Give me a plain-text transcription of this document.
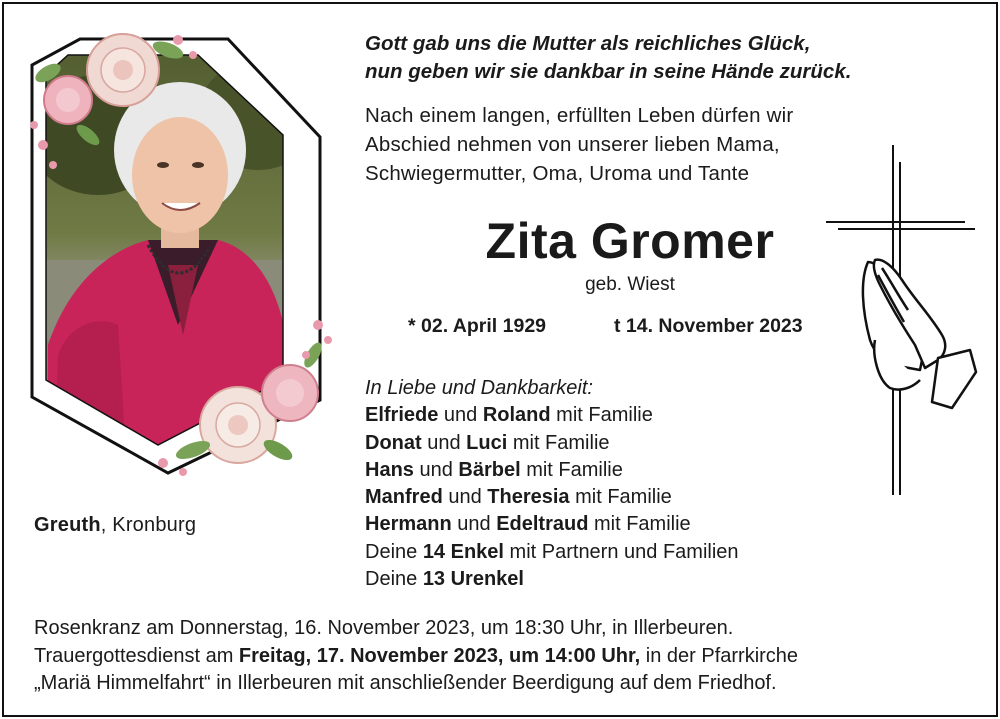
Greuth, Kronburg
Gott gab uns die Mutter als reichliches Glück,
nun geben wir sie dankbar in seine Hände zurück.
Nach einem langen, erfüllten Leben dürfen wir
Abschied nehmen von unserer lieben Mama,
Schwiegermutter, Oma, Uroma und Tante
Zita Gromer
geb. Wiest
* 02. April 1929	t 14. November 2023
In Liebe und Dankbarkeit:
Elfriede und Roland mit Familie
Donat und Luci mit Familie
Hans und Bärbel mit Familie
Manfred und Theresia mit Familie
Hermann und Edeltraud mit Familie
Deine 14 Enkel mit Partnern und Familien
Deine 13 Urenkel
Rosenkranz am Donnerstag, 16. November 2023, um 18:30 Uhr, in Illerbeuren.
Trauergottesdienst am Freitag, 17. November 2023, um 14:00 Uhr, in der Pfarrkirche
„Mariä Himmelfahrt“ in Illerbeuren mit anschließender Beerdigung auf dem Friedhof.
